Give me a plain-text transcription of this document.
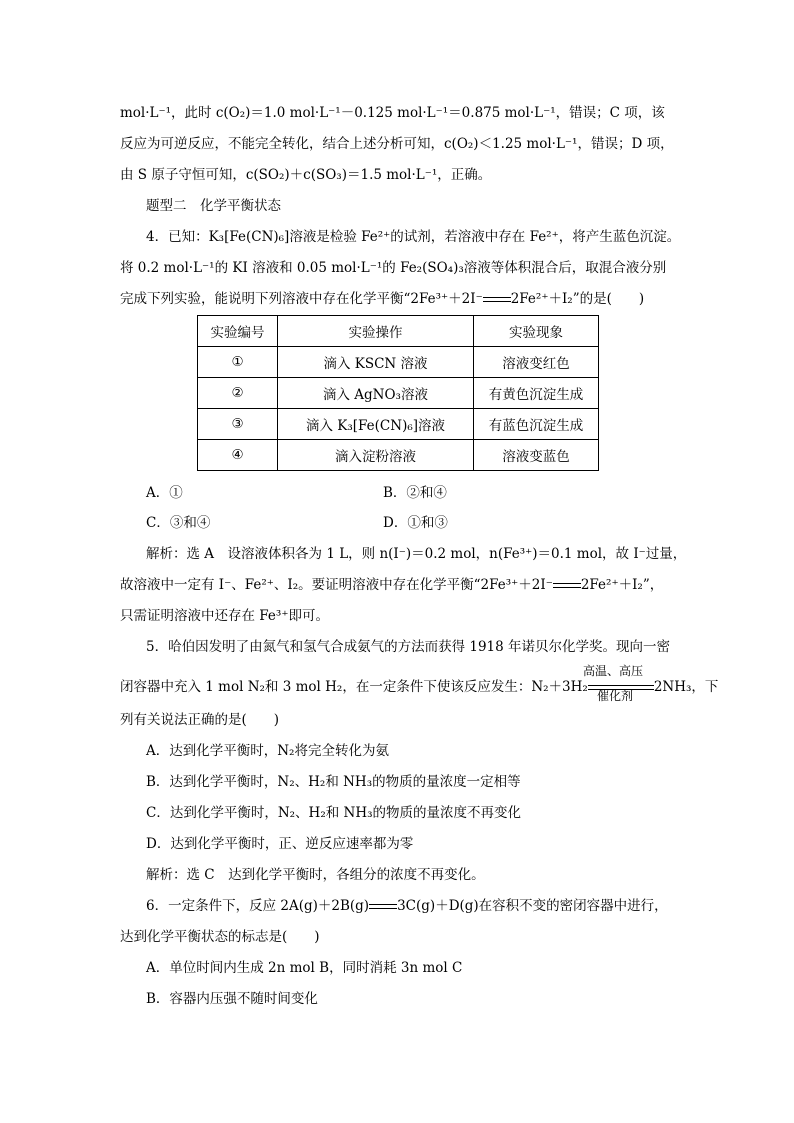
mol·L⁻¹，此时 c(O₂)＝1.0 mol·L⁻¹－0.125 mol·L⁻¹＝0.875 mol·L⁻¹，错误；C 项，该
反应为可逆反应，不能完全转化，结合上述分析可知，c(O₂)＜1.25 mol·L⁻¹，错误；D 项，
由 S 原子守恒可知，c(SO₂)＋c(SO₃)＝1.5 mol·L⁻¹，正确。
题型二　化学平衡状态
4．已知：K₃[Fe(CN)₆]溶液是检验 Fe²⁺的试剂，若溶液中存在 Fe²⁺，将产生蓝色沉淀。
将 0.2 mol·L⁻¹的 KI 溶液和 0.05 mol·L⁻¹的 Fe₂(SO₄)₃溶液等体积混合后，取混合液分别
完成下列实验，能说明下列溶液中存在化学平衡“2Fe³⁺＋2I⁻ 2Fe²⁺＋I₂”的是(　　)
实验编号	实验操作	实验现象
①	滴入 KSCN 溶液	溶液变红色
②	滴入 AgNO₃溶液	有黄色沉淀生成
③	滴入 K₃[Fe(CN)₆]溶液	有蓝色沉淀生成
④	滴入淀粉溶液	溶液变蓝色
A．①	B．②和④
C．③和④	D．①和③
解析：选 A　设溶液体积各为 1 L，则 n(I⁻)＝0.2 mol，n(Fe³⁺)＝0.1 mol，故 I⁻过量，
故溶液中一定有 I⁻、Fe²⁺、I₂。要证明溶液中存在化学平衡“2Fe³⁺＋2I⁻ 2Fe²⁺＋I₂”，
只需证明溶液中还存在 Fe³⁺即可。
5．哈伯因发明了由氮气和氢气合成氨气的方法而获得 1918 年诺贝尔化学奖。现向一密
高温、高压
闭容器中充入 1 mol N₂和 3 mol H₂，在一定条件下使该反应发生：N₂＋3H₂	2NH₃，下
催化剂
列有关说法正确的是(　　)
A．达到化学平衡时，N₂将完全转化为氨
B．达到化学平衡时，N₂、H₂和 NH₃的物质的量浓度一定相等
C．达到化学平衡时，N₂、H₂和 NH₃的物质的量浓度不再变化
D．达到化学平衡时，正、逆反应速率都为零
解析：选 C　达到化学平衡时，各组分的浓度不再变化。
6．一定条件下，反应 2A(g)＋2B(g) 3C(g)＋D(g)在容积不变的密闭容器中进行，
达到化学平衡状态的标志是(　　)
A．单位时间内生成 2n mol B，同时消耗 3n mol C
B．容器内压强不随时间变化
